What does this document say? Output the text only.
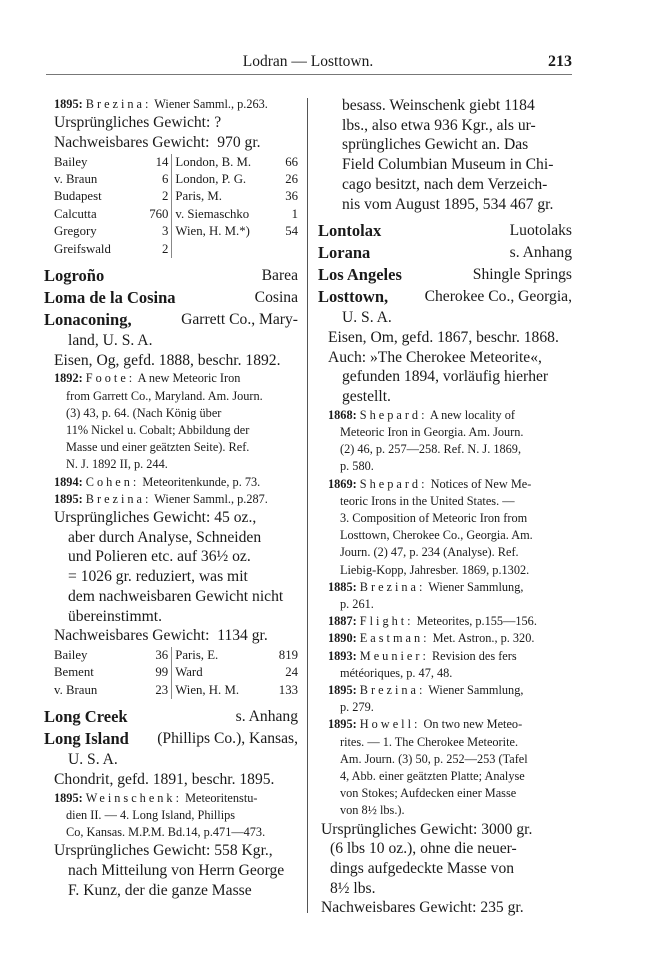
Lodran — Losttown.	213
1895: Brezina: Wiener Samml., p.263.
Ursprüngliches Gewicht: ?
Nachweisbares Gewicht: 970 gr.
Bailey	14	London, B. M.	66
v. Braun	6	London, P. G.	26
Budapest	2	Paris, M.	36
Calcutta	760	v. Siemaschko	1
Gregory	3	Wien, H. M.*)	54
Greifswald	2		
Logroño	Barea
Loma de la Cosina	Cosina
Lonaconing,	Garrett Co., Mary-
land, U. S. A.
Eisen, Og, gefd. 1888, beschr. 1892.
1892: Foote: A new Meteoric Iron
from Garrett Co., Maryland. Am. Journ.
(3) 43, p. 64. (Nach König über
11% Nickel u. Cobalt; Abbildung der
Masse und einer geätzten Seite). Ref.
N. J. 1892 II, p. 244.
1894: Cohen: Meteoritenkunde, p. 73.
1895: Brezina: Wiener Samml., p.287.
Ursprüngliches Gewicht: 45 oz.,
aber durch Analyse, Schneiden
und Polieren etc. auf 36½ oz.
= 1026 gr. reduziert, was mit
dem nachweisbaren Gewicht nicht
übereinstimmt.
Nachweisbares Gewicht: 1134 gr.
Bailey	36	Paris, E.	819
Bement	99	Ward	24
v. Braun	23	Wien, H. M.	133
Long Creek	s. Anhang
Long Island (Phillips Co.), Kansas,
U. S. A.
Chondrit, gefd. 1891, beschr. 1895.
1895: Weinschenk: Meteoritenstu-
dien II. — 4. Long Island, Phillips
Co, Kansas. M.P.M. Bd.14, p.471—473.
Ursprüngliches Gewicht: 558 Kgr.,
nach Mitteilung von Herrn George
F. Kunz, der die ganze Masse
besass. Weinschenk giebt 1184
lbs., also etwa 936 Kgr., als ur-
sprüngliches Gewicht an. Das
Field Columbian Museum in Chi-
cago besitzt, nach dem Verzeich-
nis vom August 1895, 534 467 gr.
Lontolax	Luotolaks
Lorana	s. Anhang
Los Angeles	Shingle Springs
Losttown, Cherokee Co., Georgia,
U. S. A.
Eisen, Om, gefd. 1867, beschr. 1868.
Auch: »The Cherokee Meteorite«,
gefunden 1894, vorläufig hierher
gestellt.
1868: Shepard: A new locality of
Meteoric Iron in Georgia. Am. Journ.
(2) 46, p. 257—258. Ref. N. J. 1869,
p. 580.
1869: Shepard: Notices of New Me-
teoric Irons in the United States. —
3. Composition of Meteoric Iron from
Losttown, Cherokee Co., Georgia. Am.
Journ. (2) 47, p. 234 (Analyse). Ref.
Liebig-Kopp, Jahresber. 1869, p.1302.
1885: Brezina: Wiener Sammlung,
p. 261.
1887: Flight: Meteorites, p.155—156.
1890: Eastman: Met. Astron., p. 320.
1893: Meunier: Revision des fers
météoriques, p. 47, 48.
1895: Brezina: Wiener Sammlung,
p. 279.
1895: Howell: On two new Meteo-
rites. — 1. The Cherokee Meteorite.
Am. Journ. (3) 50, p. 252—253 (Tafel
4, Abb. einer geätzten Platte; Analyse
von Stokes; Aufdecken einer Masse
von 8½ lbs.).
Ursprüngliches Gewicht: 3000 gr.
(6 lbs 10 oz.), ohne die neuer-
dings aufgedeckte Masse von
8½ lbs.
Nachweisbares Gewicht: 235 gr.
